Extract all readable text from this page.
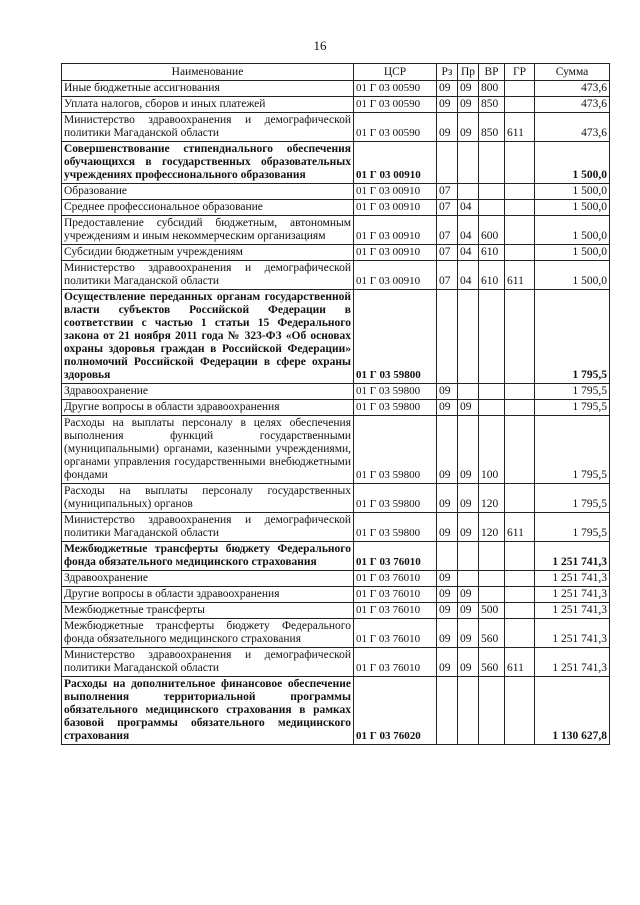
16
Наименование	ЦСР	Рз	Пр	ВР	ГР	Сумма
Иные бюджетные ассигнования	01 Г 03 00590	09	09	800		473,6
Уплата налогов, сборов и иных платежей	01 Г 03 00590	09	09	850		473,6
Министерство здравоохранения и демографической политики Магаданской области	01 Г 03 00590	09	09	850	611	473,6
Совершенствование стипендиального обеспечения обучающихся в государственных образовательных учреждениях профессионального образования	01 Г 03 00910					1 500,0
Образование	01 Г 03 00910	07				1 500,0
Среднее профессиональное образование	01 Г 03 00910	07	04			1 500,0
Предоставление субсидий бюджетным, автономным учреждениям и иным некоммерческим организациям	01 Г 03 00910	07	04	600		1 500,0
Субсидии бюджетным учреждениям	01 Г 03 00910	07	04	610		1 500,0
Министерство здравоохранения и демографической политики Магаданской области	01 Г 03 00910	07	04	610	611	1 500,0
Осуществление переданных органам государственной власти субъектов Российской Федерации в соответствии с частью 1 статьи 15 Федерального закона от 21 ноября 2011 года № 323-ФЗ «Об основах охраны здоровья граждан в Российской Федерации» полномочий Российской Федерации в сфере охраны здоровья	01 Г 03 59800					1 795,5
Здравоохранение	01 Г 03 59800	09				1 795,5
Другие вопросы в области здравоохранения	01 Г 03 59800	09	09			1 795,5
Расходы на выплаты персоналу в целях обеспечения выполнения функций государственными (муниципальными) органами, казенными учреждениями, органами управления государственными внебюджетными фондами	01 Г 03 59800	09	09	100		1 795,5
Расходы на выплаты персоналу государственных (муниципальных) органов	01 Г 03 59800	09	09	120		1 795,5
Министерство здравоохранения и демографической политики Магаданской области	01 Г 03 59800	09	09	120	611	1 795,5
Межбюджетные трансферты бюджету Федерального фонда обязательного медицинского страхования	01 Г 03 76010					1 251 741,3
Здравоохранение	01 Г 03 76010	09				1 251 741,3
Другие вопросы в области здравоохранения	01 Г 03 76010	09	09			1 251 741,3
Межбюджетные трансферты	01 Г 03 76010	09	09	500		1 251 741,3
Межбюджетные трансферты бюджету Федерального фонда обязательного медицинского страхования	01 Г 03 76010	09	09	560		1 251 741,3
Министерство здравоохранения и демографической политики Магаданской области	01 Г 03 76010	09	09	560	611	1 251 741,3
Расходы на дополнительное финансовое обеспечение выполнения территориальной программы обязательного медицинского страхования в рамках базовой программы обязательного медицинского страхования	01 Г 03 76020					1 130 627,8
